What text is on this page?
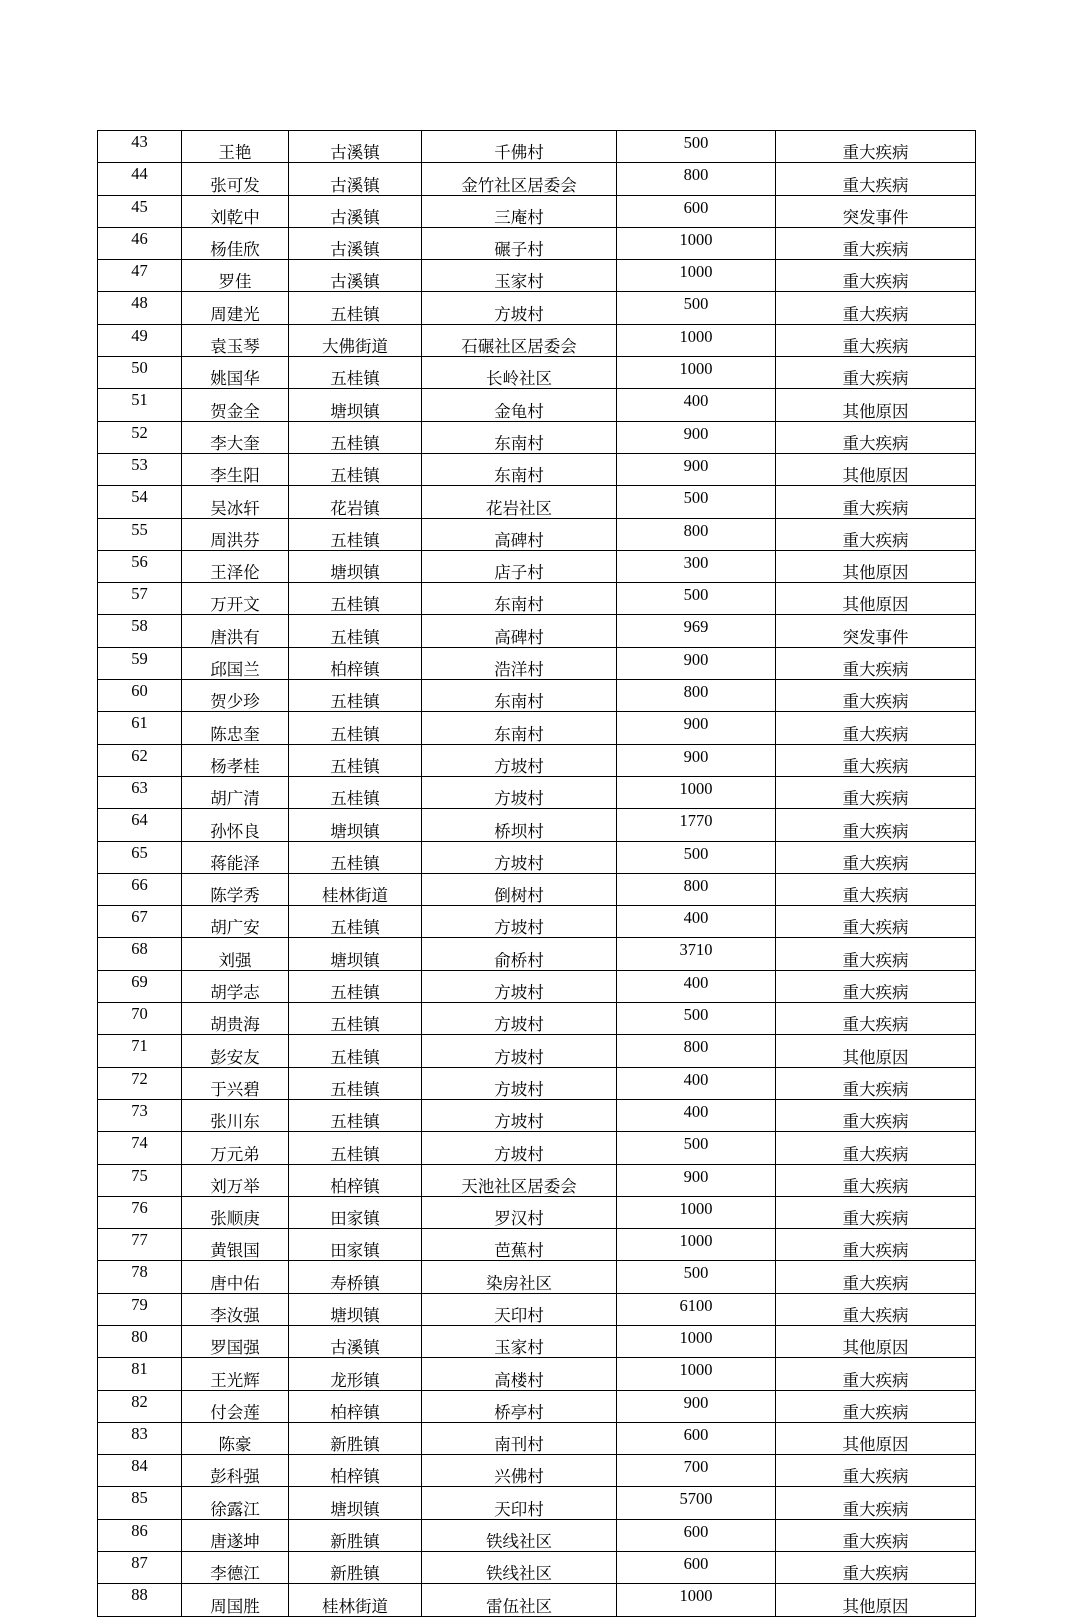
43	王艳	古溪镇	千佛村	500	重大疾病
44	张可发	古溪镇	金竹社区居委会	800	重大疾病
45	刘乾中	古溪镇	三庵村	600	突发事件
46	杨佳欣	古溪镇	碾子村	1000	重大疾病
47	罗佳	古溪镇	玉家村	1000	重大疾病
48	周建光	五桂镇	方坡村	500	重大疾病
49	袁玉琴	大佛街道	石碾社区居委会	1000	重大疾病
50	姚国华	五桂镇	长岭社区	1000	重大疾病
51	贺金全	塘坝镇	金龟村	400	其他原因
52	李大奎	五桂镇	东南村	900	重大疾病
53	李生阳	五桂镇	东南村	900	其他原因
54	吴冰轩	花岩镇	花岩社区	500	重大疾病
55	周洪芬	五桂镇	高碑村	800	重大疾病
56	王泽伦	塘坝镇	店子村	300	其他原因
57	万开文	五桂镇	东南村	500	其他原因
58	唐洪有	五桂镇	高碑村	969	突发事件
59	邱国兰	柏梓镇	浩洋村	900	重大疾病
60	贺少珍	五桂镇	东南村	800	重大疾病
61	陈忠奎	五桂镇	东南村	900	重大疾病
62	杨孝桂	五桂镇	方坡村	900	重大疾病
63	胡广清	五桂镇	方坡村	1000	重大疾病
64	孙怀良	塘坝镇	桥坝村	1770	重大疾病
65	蒋能泽	五桂镇	方坡村	500	重大疾病
66	陈学秀	桂林街道	倒树村	800	重大疾病
67	胡广安	五桂镇	方坡村	400	重大疾病
68	刘强	塘坝镇	俞桥村	3710	重大疾病
69	胡学志	五桂镇	方坡村	400	重大疾病
70	胡贵海	五桂镇	方坡村	500	重大疾病
71	彭安友	五桂镇	方坡村	800	其他原因
72	于兴碧	五桂镇	方坡村	400	重大疾病
73	张川东	五桂镇	方坡村	400	重大疾病
74	万元弟	五桂镇	方坡村	500	重大疾病
75	刘万举	柏梓镇	天池社区居委会	900	重大疾病
76	张顺庚	田家镇	罗汉村	1000	重大疾病
77	黄银国	田家镇	芭蕉村	1000	重大疾病
78	唐中佑	寿桥镇	染房社区	500	重大疾病
79	李汝强	塘坝镇	天印村	6100	重大疾病
80	罗国强	古溪镇	玉家村	1000	其他原因
81	王光辉	龙形镇	高楼村	1000	重大疾病
82	付会莲	柏梓镇	桥亭村	900	重大疾病
83	陈豪	新胜镇	南刊村	600	其他原因
84	彭科强	柏梓镇	兴佛村	700	重大疾病
85	徐露江	塘坝镇	天印村	5700	重大疾病
86	唐遂坤	新胜镇	铁线社区	600	重大疾病
87	李德江	新胜镇	铁线社区	600	重大疾病
88	周国胜	桂林街道	雷伍社区	1000	其他原因
